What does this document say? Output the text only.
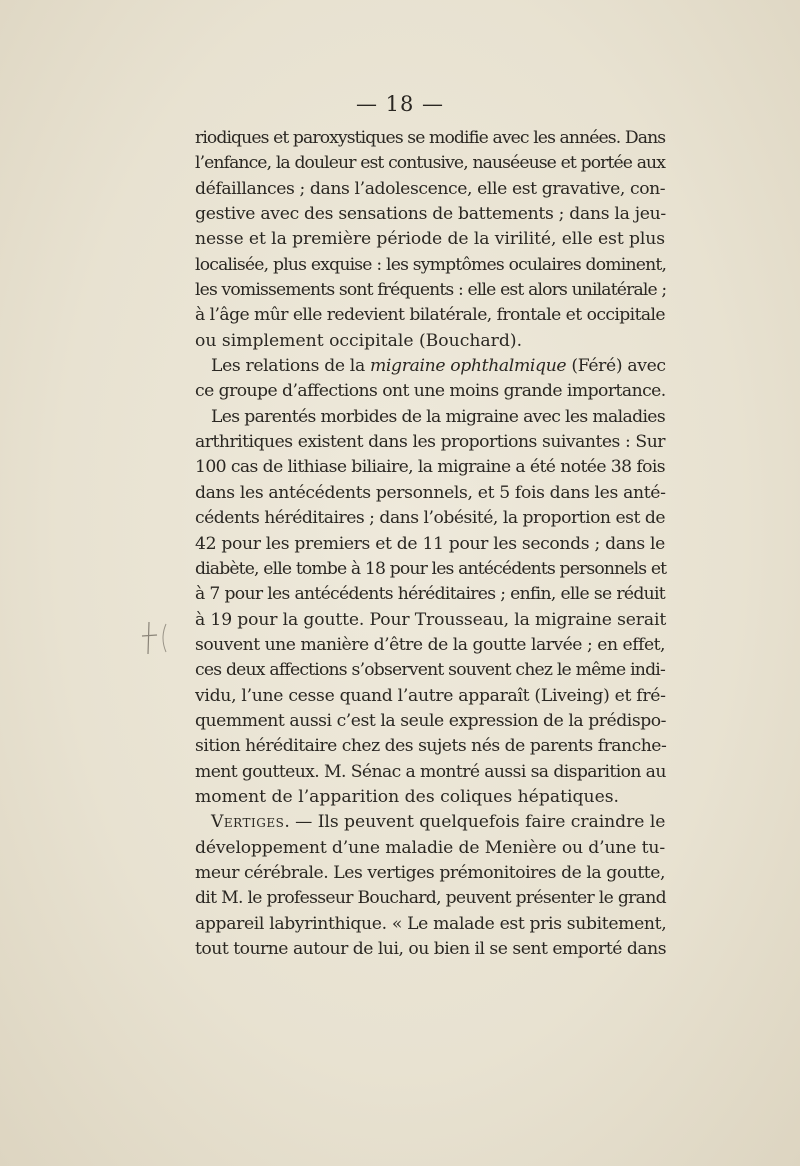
— 18 —
riodiques et paroxystiques se modifie avec les années. Dans
l’enfance, la douleur est contusive, nauséeuse et portée aux
défaillances ; dans l’adolescence, elle est gravative, con-
gestive avec des sensations de battements ; dans la jeu-
nesse et la première période de la virilité, elle est plus
localisée, plus exquise : les symptômes oculaires dominent,
les vomissements sont fréquents : elle est alors unilatérale ;
à l’âge mûr elle redevient bilatérale, frontale et occipitale
ou simplement occipitale (Bouchard).
Les relations de la migraine ophthalmique (Féré) avec
ce groupe d’affections ont une moins grande importance.
Les parentés morbides de la migraine avec les maladies
arthritiques existent dans les proportions suivantes : Sur
100 cas de lithiase biliaire, la migraine a été notée 38 fois
dans les antécédents personnels, et 5 fois dans les anté-
cédents héréditaires ; dans l’obésité, la proportion est de
42 pour les premiers et de 11 pour les seconds ; dans le
diabète, elle tombe à 18 pour les antécédents personnels et
à 7 pour les antécédents héréditaires ; enfin, elle se réduit
à 19 pour la goutte. Pour Trousseau, la migraine serait
souvent une manière d’être de la goutte larvée ; en effet,
ces deux affections s’observent souvent chez le même indi-
vidu, l’une cesse quand l’autre apparaît (Liveing) et fré-
quemment aussi c’est la seule expression de la prédispo-
sition héréditaire chez des sujets nés de parents franche-
ment goutteux. M. Sénac a montré aussi sa disparition au
moment de l’apparition des coliques hépatiques.
Vertiges. — Ils peuvent quelquefois faire craindre le
développement d’une maladie de Menière ou d’une tu-
meur cérébrale. Les vertiges prémonitoires de la goutte,
dit M. le professeur Bouchard, peuvent présenter le grand
appareil labyrinthique. « Le malade est pris subitement,
tout tourne autour de lui, ou bien il se sent emporté dans
